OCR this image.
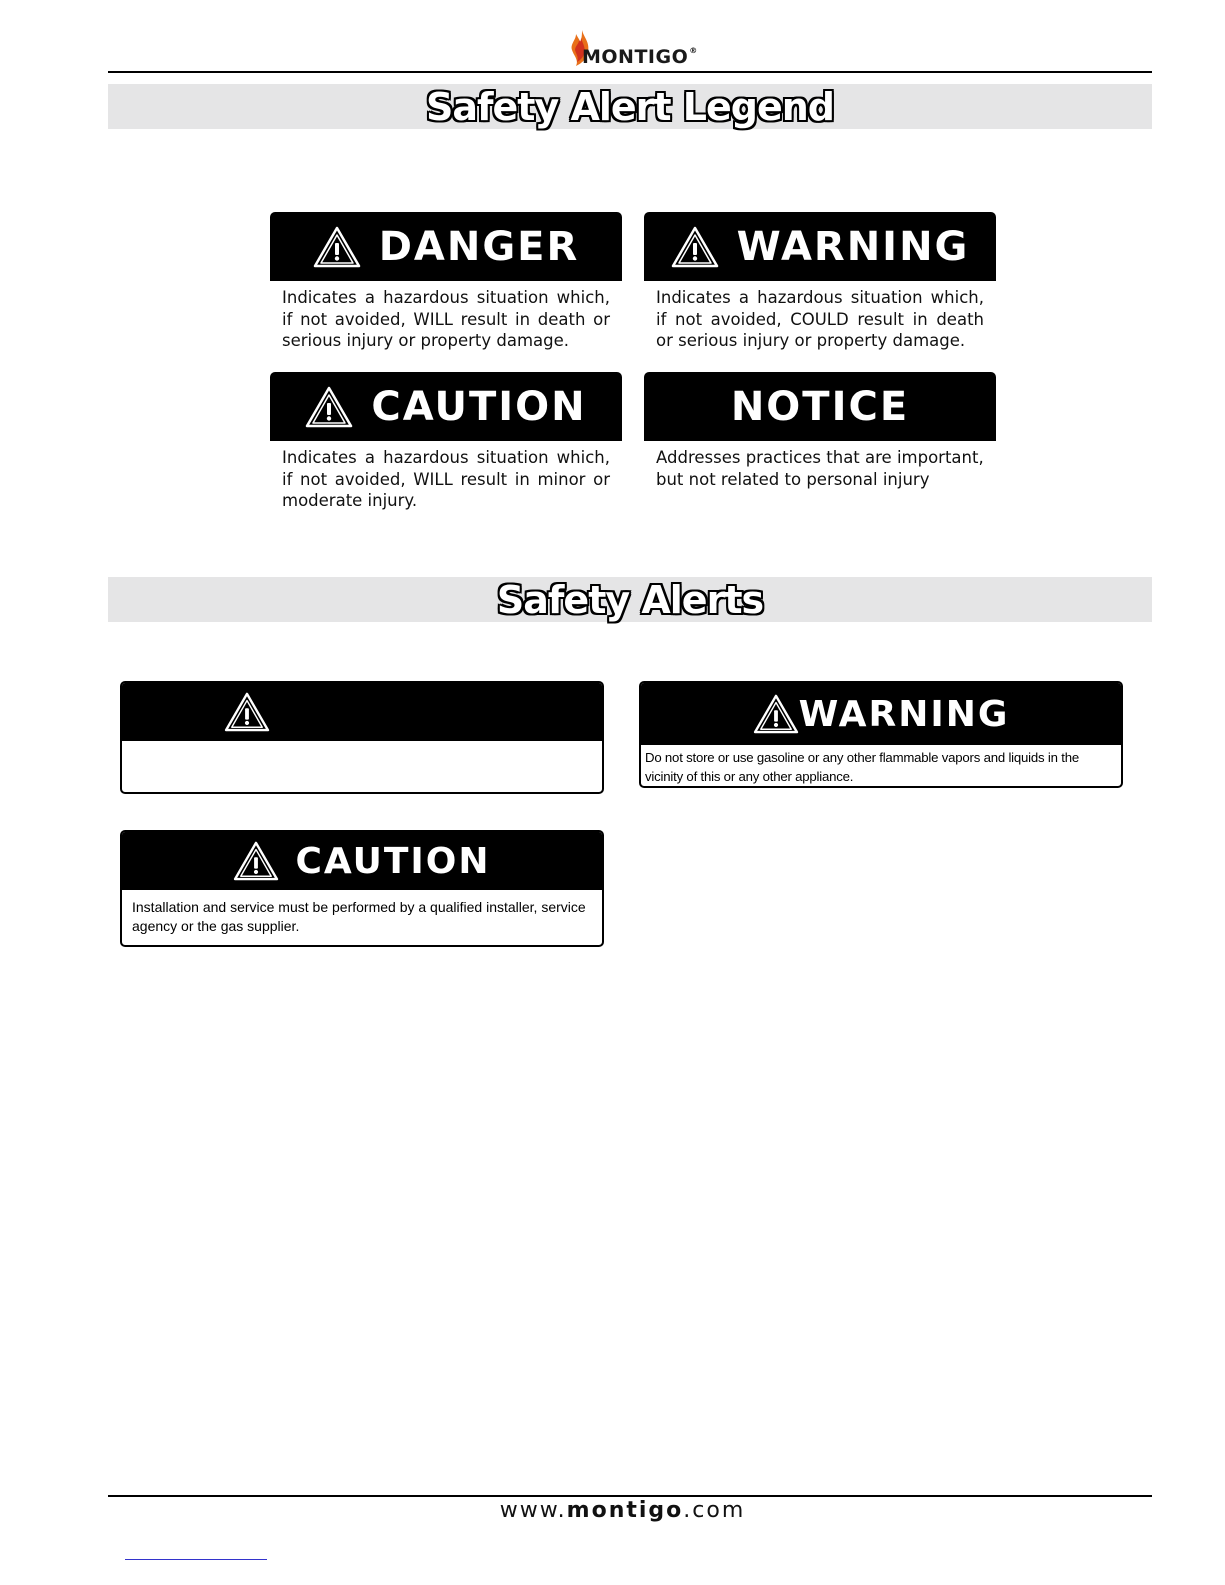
MONTIGO®
Safety Alert Legend
DANGER
Indicates a hazardous situation which, if not avoided, WILL result in death or serious injury or property damage.
WARNING
Indicates a hazardous situation which, if not avoided, COULD result in death or serious injury or property damage.
CAUTION
Indicates a hazardous situation which, if not avoided, WILL result in minor or moderate injury.
NOTICE
Addresses practices that are important, but not related to personal injury
Safety Alerts
WARNING
Do not store or use gasoline or any other flammable vapors and liquids in the vicinity of this or any other appliance.
CAUTION
Installation and service must be performed by a qualified installer, service agency or the gas supplier.
www.montigo.com
